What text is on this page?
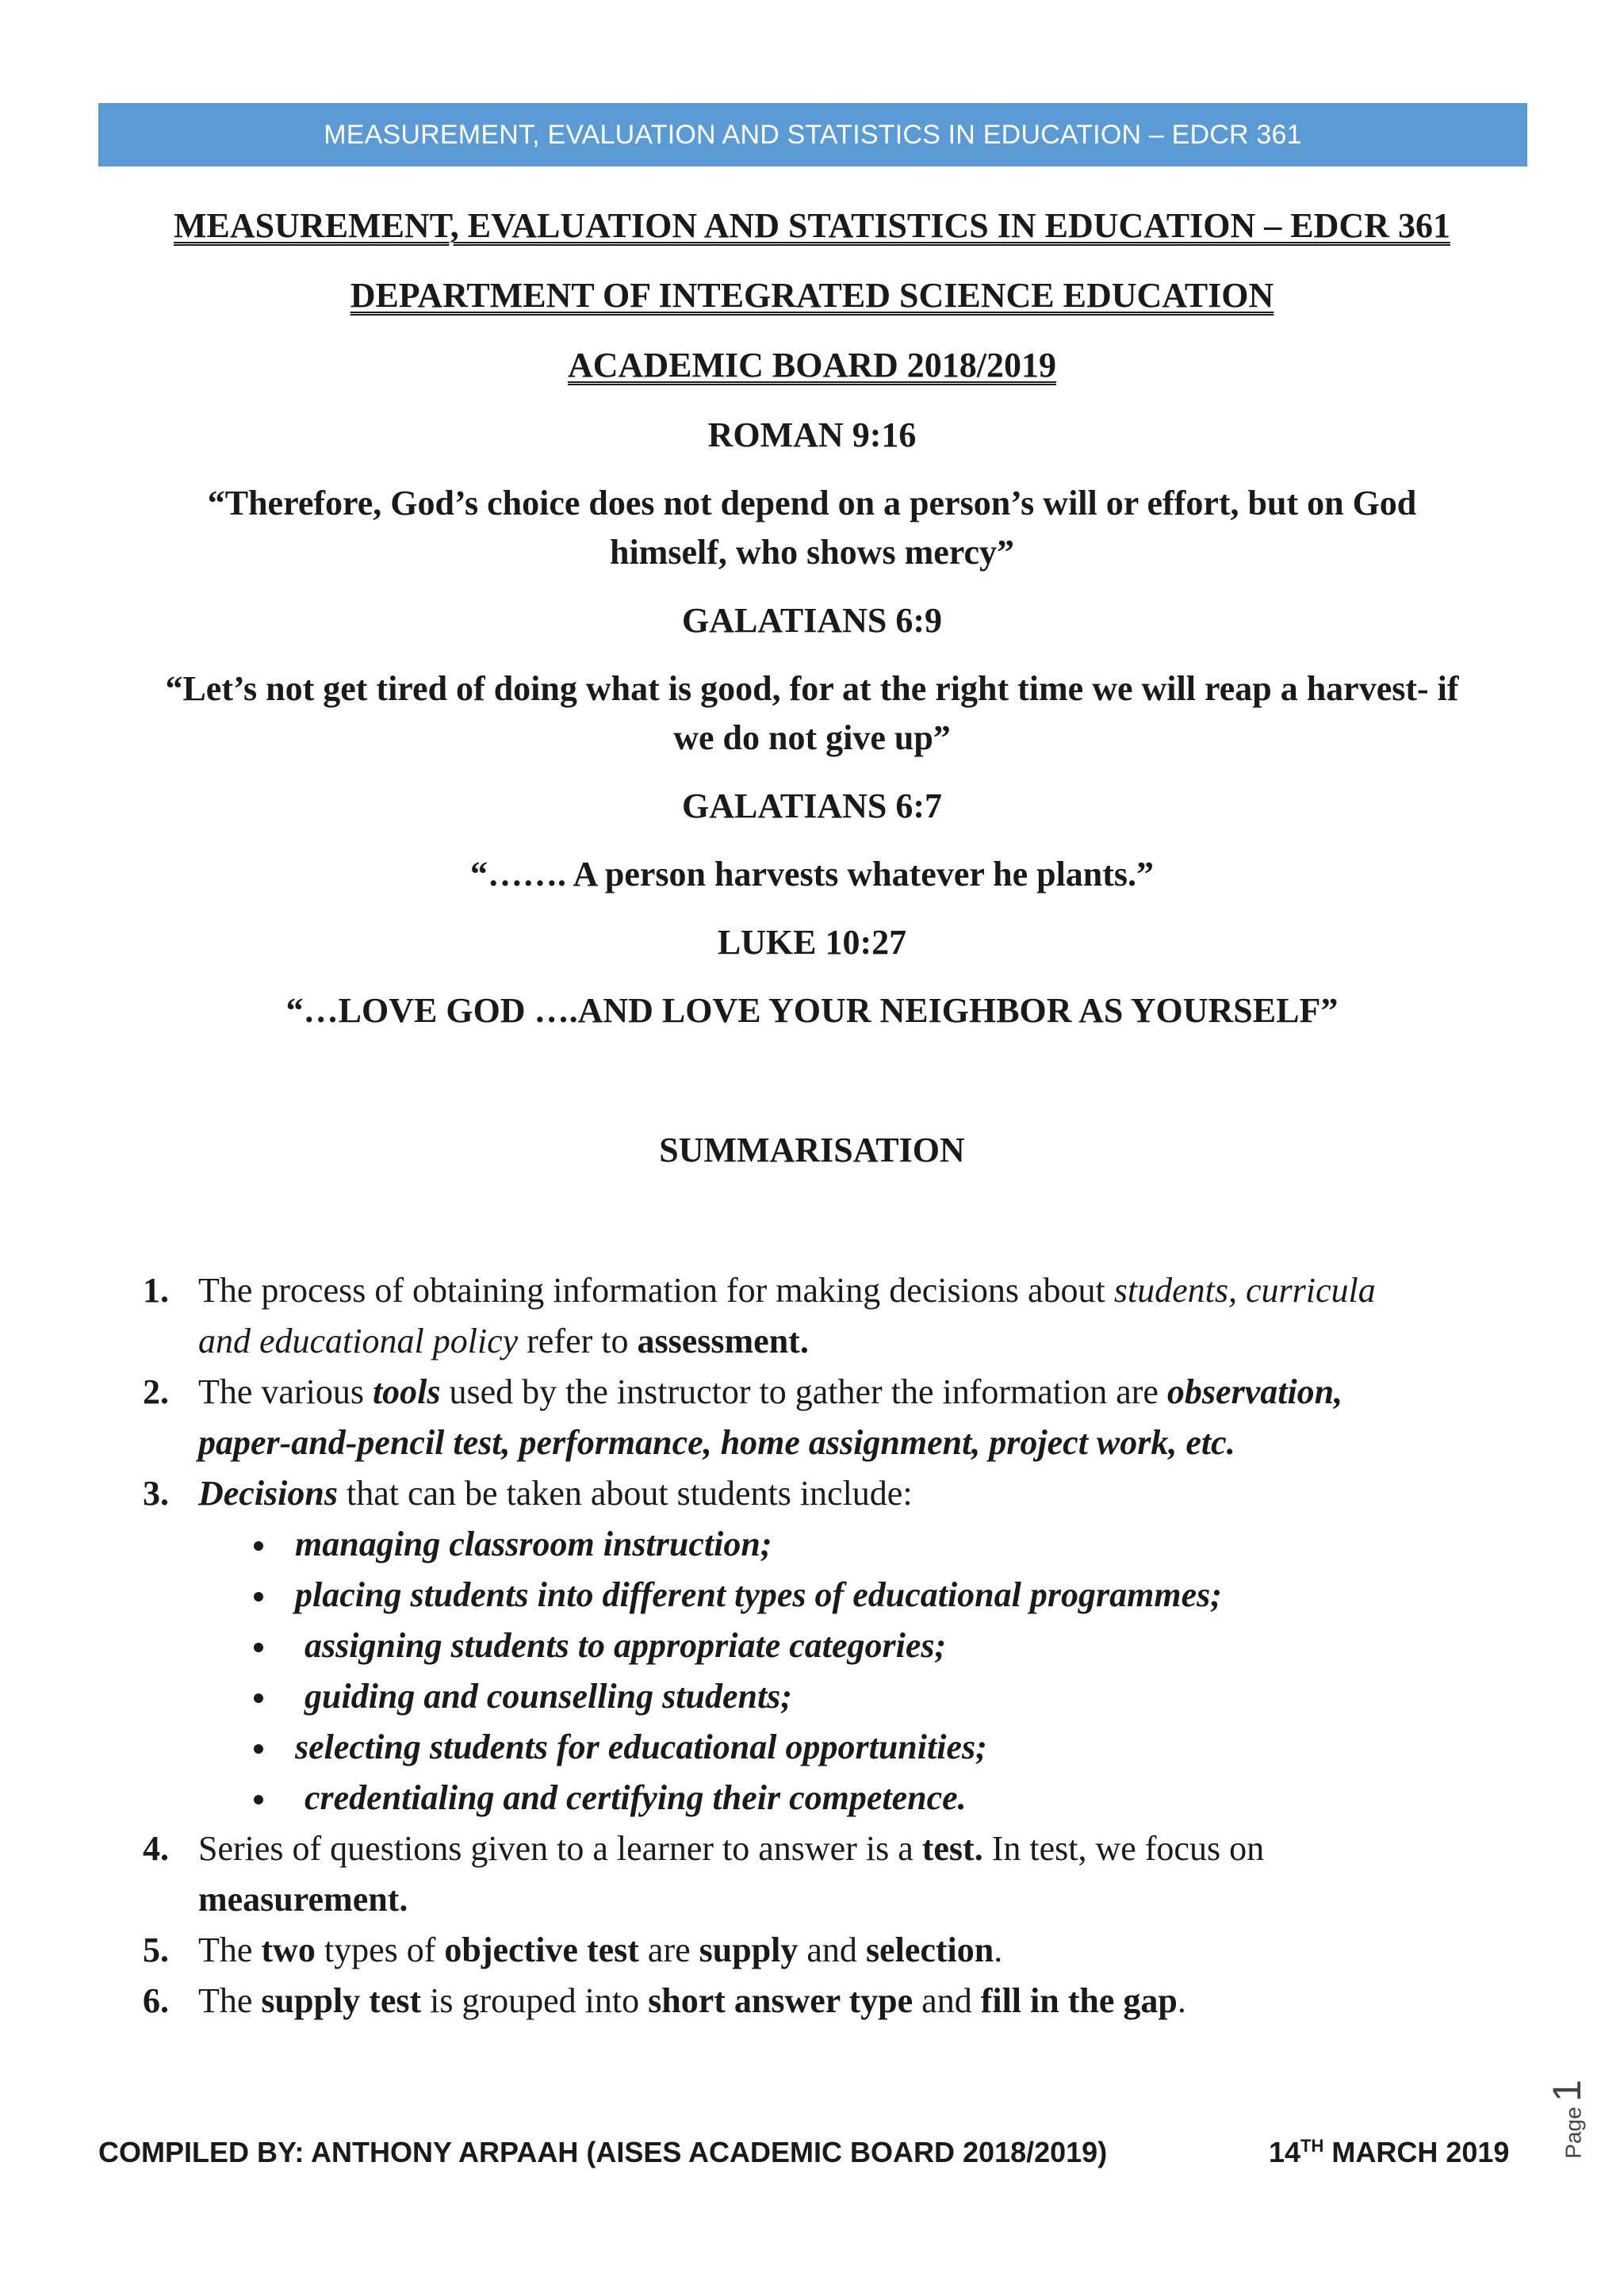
MEASUREMENT, EVALUATION AND STATISTICS IN EDUCATION – EDCR 361
MEASUREMENT, EVALUATION AND STATISTICS IN EDUCATION – EDCR 361
DEPARTMENT OF INTEGRATED SCIENCE EDUCATION
ACADEMIC BOARD 2018/2019
ROMAN 9:16
“Therefore, God’s choice does not depend on a person’s will or effort, but on God
himself, who shows mercy”
GALATIANS 6:9
“Let’s not get tired of doing what is good, for at the right time we will reap a harvest- if
we do not give up”
GALATIANS 6:7
“……. A person harvests whatever he plants.”
LUKE 10:27
“…LOVE GOD ….AND LOVE YOUR NEIGHBOR AS YOURSELF”
SUMMARISATION
1. The process of obtaining information for making decisions about students, curricula
and educational policy refer to assessment.
2. The various tools used by the instructor to gather the information are observation,
paper-and-pencil test, performance, home assignment, project work, etc.
3. Decisions that can be taken about students include:
managing classroom instruction;
placing students into different types of educational programmes;
assigning students to appropriate categories;
guiding and counselling students;
selecting students for educational opportunities;
credentialing and certifying their competence.
4. Series of questions given to a learner to answer is a test. In test, we focus on
measurement.
5. The two types of objective test are supply and selection.
6. The supply test is grouped into short answer type and fill in the gap.
Page
1
COMPILED BY: ANTHONY ARPAAH (AISES ACADEMIC BOARD 2018/2019)	14TH MARCH 2019
